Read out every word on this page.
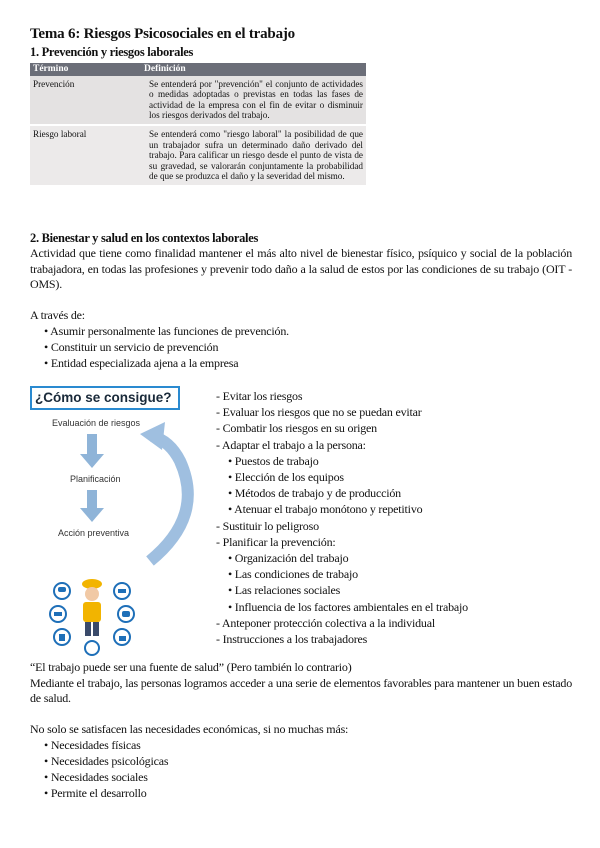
Tema 6: Riesgos Psicosociales en el trabajo
1. Prevención y riesgos laborales
Término	Definición
Prevención	Se entenderá por "prevención" el conjunto de actividades o medidas adoptadas o previstas en todas las fases de actividad de la empresa con el fin de evitar o disminuir los riesgos derivados del trabajo.
Riesgo laboral	Se entenderá como "riesgo laboral" la posibilidad de que un trabajador sufra un determinado daño derivado del trabajo. Para calificar un riesgo desde el punto de vista de su gravedad, se valorarán conjuntamente la probabilidad de que se produzca el daño y la severidad del mismo.
2. Bienestar y salud en los contextos laborales

Actividad que tiene como finalidad mantener el más alto nivel de bienestar físico, psíquico y social de la población trabajadora, en todas las profesiones y prevenir todo daño a la salud de estos por las condiciones de su trabajo (OIT - OMS).

A través de:

• Asumir personalmente las funciones de prevención.
• Constituir un servicio de prevención
• Entidad especializada ajena a la empresa
¿Cómo se consigue?
Evaluación de riesgos
Planificación
Acción preventiva
- Evitar los riesgos
- Evaluar los riesgos que no se puedan evitar
- Combatir los riesgos en su origen
- Adaptar el trabajo a la persona:
• Puestos de trabajo
• Elección de los equipos
• Métodos de trabajo y de producción
• Atenuar el trabajo monótono y repetitivo
- Sustituir lo peligroso
- Planificar la prevención:
• Organización del trabajo
• Las condiciones de trabajo
• Las relaciones sociales
• Influencia de los factores ambientales en el trabajo
- Anteponer protección colectiva a la individual
- Instrucciones a los trabajadores

“El trabajo puede ser una fuente de salud” (Pero también lo contrario)

Mediante el trabajo, las personas logramos acceder a una serie de elementos favorables para mantener un buen estado de salud.

No solo se satisfacen las necesidades económicas, si no muchas más:

• Necesidades físicas
• Necesidades psicológicas
• Necesidades sociales
• Permite el desarrollo
